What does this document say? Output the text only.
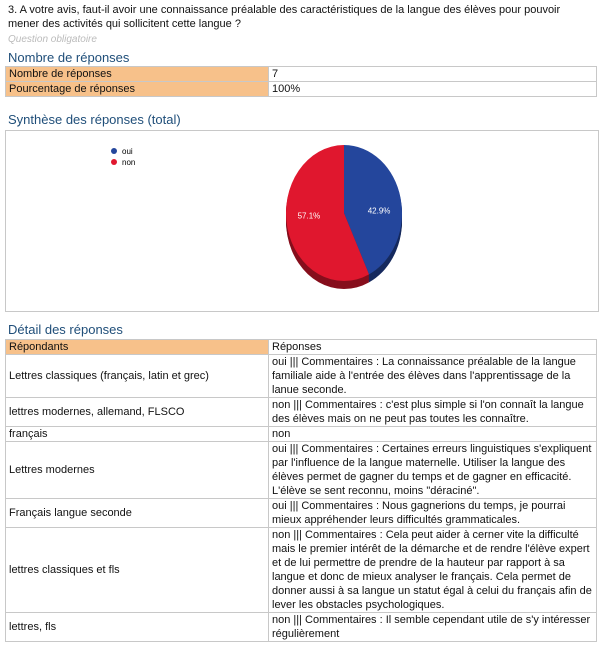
3. A votre avis, faut-il avoir une connaissance préalable des caractéristiques de la langue des élèves pour pouvoir mener des activités qui sollicitent cette langue ?
Question obligatoire
Nombre de réponses
Nombre de réponses	7
Pourcentage de réponses	100%
Synthèse des réponses (total)
oui
non
42.9%
57.1%
Détail des réponses
Répondants	Réponses
Lettres classiques (français, latin et grec)	oui ||| Commentaires : La connaissance préalable de la langue familiale aide à l'entrée des élèves dans l'apprentissage de la lanue seconde.
lettres modernes, allemand, FLSCO	non ||| Commentaires : c'est plus simple si l'on connaît la langue des élèves mais on ne peut pas toutes les connaître.
français	non
Lettres modernes	oui ||| Commentaires : Certaines erreurs linguistiques s'expliquent par l'influence de la langue maternelle. Utiliser la langue des élèves permet de gagner du temps et de gagner en efficacité. L'élève se sent reconnu, moins "déraciné".
Français langue seconde	oui ||| Commentaires : Nous gagnerions du temps, je pourrai mieux appréhender leurs difficultés grammaticales.
lettres classiques et fls	non ||| Commentaires : Cela peut aider à cerner vite la difficulté mais le premier intérêt de la démarche et de rendre l'élève expert et de lui permettre de prendre de la hauteur par rapport à sa langue et donc de mieux analyser le français. Cela permet de donner aussi à sa langue un statut égal à celui du français afin de lever les obstacles psychologiques.
lettres, fls	non ||| Commentaires : Il semble cependant utile de s'y intéresser régulièrement
